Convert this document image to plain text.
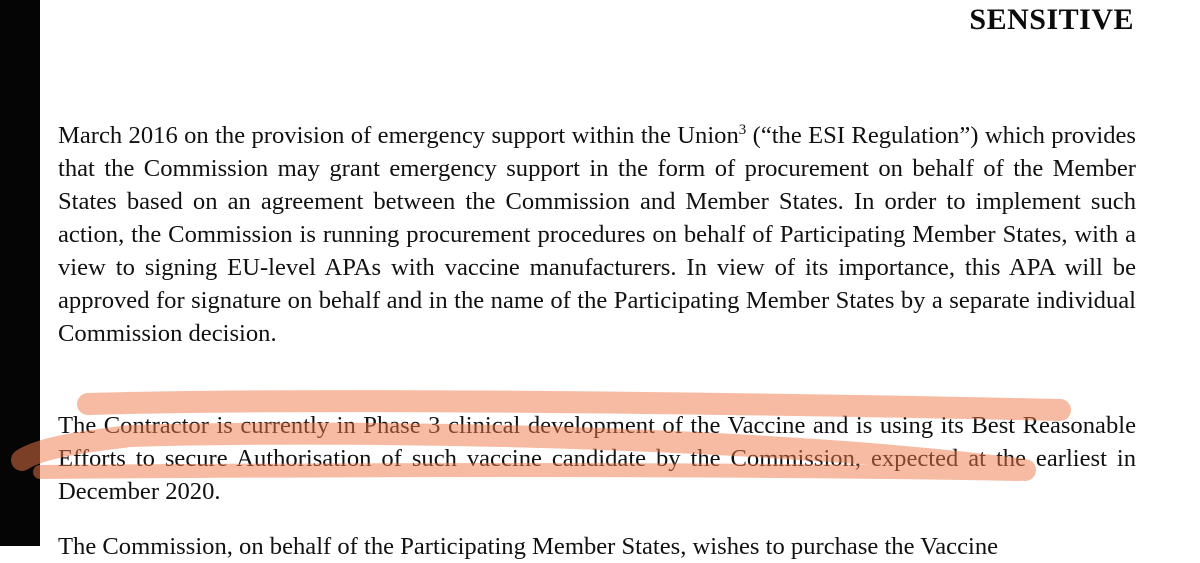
SENSITIVE

March 2016 on the provision of emergency support within the Union$^3$ (“the ESI Regulation”) which provides that the Commission may grant emergency support in the form of procurement on behalf of the Member States based on an agreement between the Commission and Member States. In order to implement such action, the Commission is running procurement procedures on behalf of Participating Member States, with a view to signing EU-level APAs with vaccine manufacturers. In view of its importance, this APA will be approved for signature on behalf and in the name of the Participating Member States by a separate individual Commission decision.

The Contractor is currently in Phase 3 clinical development of the Vaccine and is using its Best Reasonable Efforts to secure Authorisation of such vaccine candidate by the Commission, expected at the earliest in December 2020.

The Commission, on behalf of the Participating Member States, wishes to purchase the Vaccine
